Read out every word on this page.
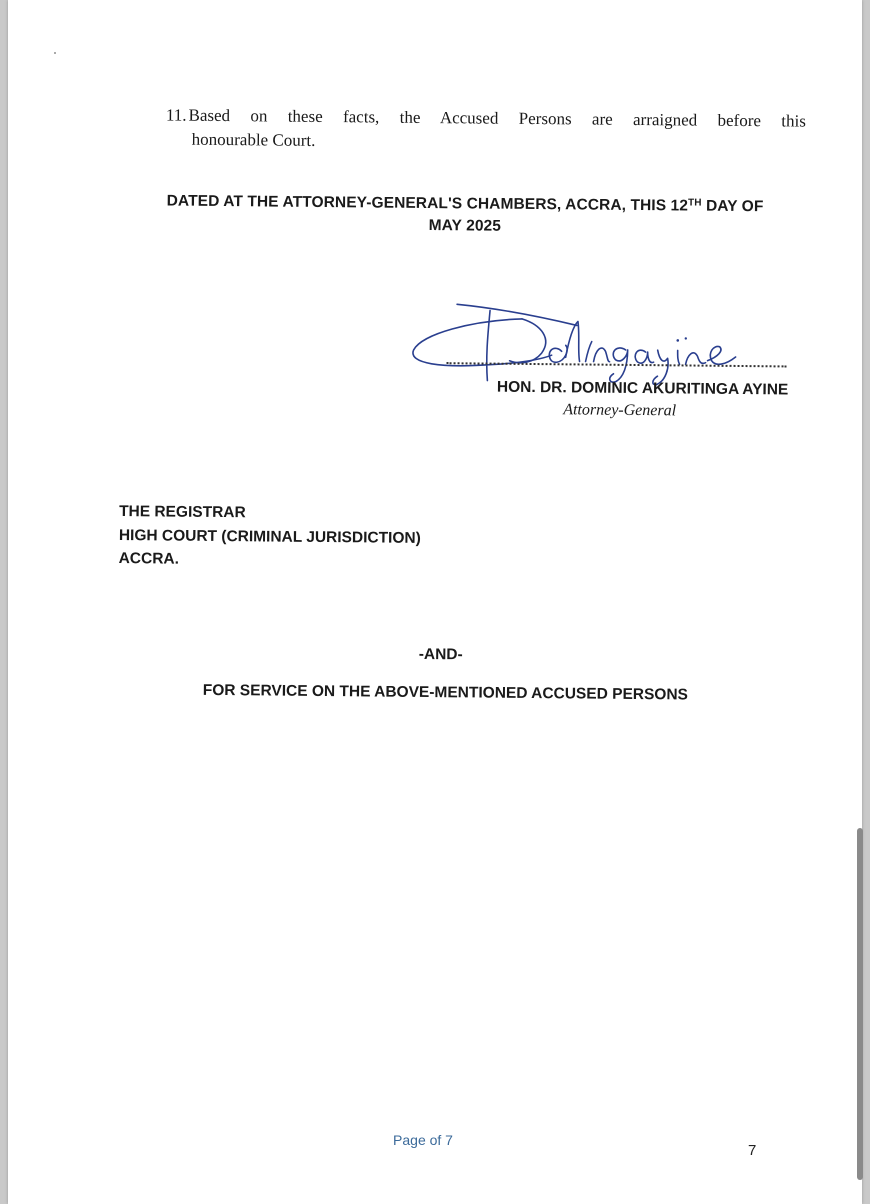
11. Based on these facts, the Accused Persons are arraigned before this
honourable Court.
DATED AT THE ATTORNEY-GENERAL'S CHAMBERS, ACCRA, THIS 12TH DAY OF
MAY 2025
HON. DR. DOMINIC AKURITINGA AYINE
Attorney-General
THE REGISTRAR
HIGH COURT (CRIMINAL JURISDICTION)
ACCRA.
-AND-
FOR SERVICE ON THE ABOVE-MENTIONED ACCUSED PERSONS
Page of 7
7
